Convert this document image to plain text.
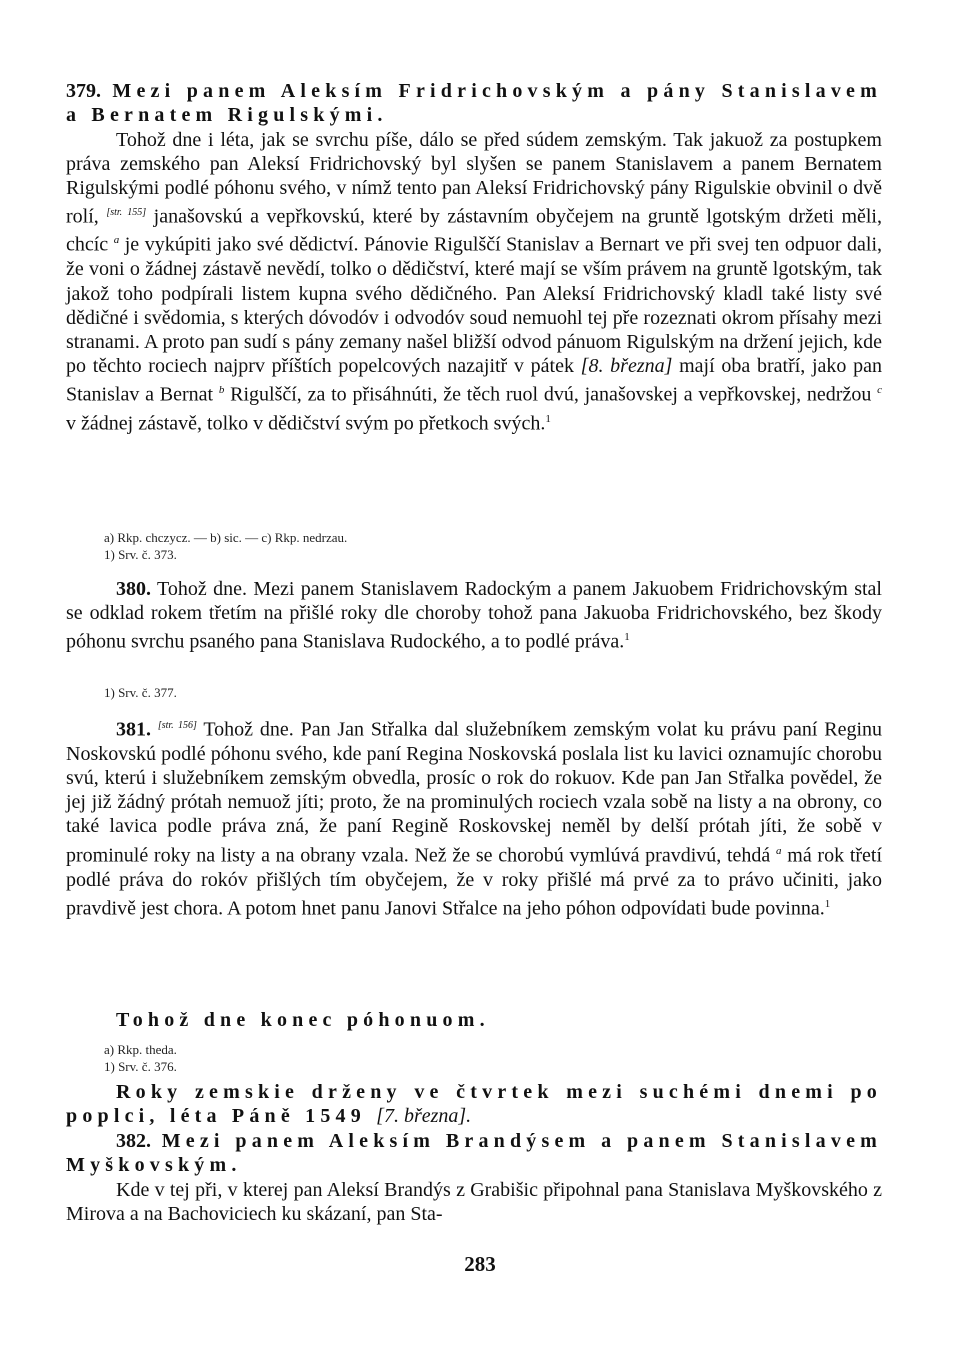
379. Mezi panem Aleksím Fridrichovským a pány Stanislavem a Bernatem Rigulskými.
Tohož dne i léta, jak se svrchu píše, dálo se před súdem zemským. Tak jakuož za postupkem práva zemského pan Aleksí Fridrichovský byl slyšen se panem Stanislavem a panem Bernatem Rigulskými podlé póhonu svého, v nímž tento pan Aleksí Fridrichovský pány Rigulskie obvinil o dvě rolí, [str. 155] janašovskú a vepřkovskú, které by zástavním obyčejem na gruntě lgotským držeti měli, chcíc $^a$ je vykúpiti jako své dědictví. Pánovie Rigulščí Stanislav a Bernart ve při svej ten odpuor dali, že voni o žádnej zástavě nevědí, tolko o dědičství, které mají se vším právem na gruntě lgotským, tak jakož toho podpírali listem kupna svého dědičného. Pan Aleksí Fridrichovský kladl také listy své dědičné i svědomia, s kterých dóvodóv i odvodóv soud nemuohl tej pře rozeznati okrom přísahy mezi stranami. A proto pan sudí s pány zemany našel bližší odvod pánuom Rigulským na držení jejich, kde po těchto rociech najprv příštích popelcových nazajitř v pátek [8. března] mají oba bratří, jako pan Stanislav a Bernat $^b$ Rigulščí, za to přisáhnúti, že těch ruol dvú, janašovskej a vepřkovskej, nedržou $^c$ v žádnej zástavě, tolko v dědičství svým po přetkoch svých.$^1$
a) Rkp. chczycz. — b) sic. — c) Rkp. nedrzau.
1) Srv. č. 373.
380. Tohož dne. Mezi panem Stanislavem Radockým a panem Jakuobem Fridrichovským stal se odklad rokem třetím na přišlé roky dle choroby tohož pana Jakuoba Fridrichovského, bez škody póhonu svrchu psaného pana Stanislava Rudockého, a to podlé práva.$^1$
1) Srv. č. 377.
381. [str. 156] Tohož dne. Pan Jan Střalka dal služebníkem zemským volat ku právu paní Reginu Noskovskú podlé póhonu svého, kde paní Regina Noskovská poslala list ku lavici oznamujíc chorobu svú, kterú i služebníkem zemským obvedla, prosíc o rok do rokuov. Kde pan Jan Střalka povědel, že jej již žádný prótah nemuož jíti; proto, že na prominulých rociech vzala sobě na listy a na obrony, co také lavica podle práva zná, že paní Regině Roskovskej neměl by delší prótah jíti, že sobě v prominulé roky na listy a na obrany vzala. Než že se chorobú vymlúvá pravdivú, tehdá $^a$ má rok třetí podlé práva do rokóv přišlých tím obyčejem, že v roky přišlé má prvé za to právo učiniti, jako pravdivě jest chora. A potom hnet panu Janovi Střalce na jeho póhon odpovídati bude povinna.$^1$
Tohož dne konec póhonuom.
a) Rkp. theda.
1) Srv. č. 376.
Roky zemskie drženy ve čtvrtek mezi suchémi dnemi po poplci, léta Páně 1549 [7. března].
382. Mezi panem Aleksím Brandýsem a panem Stanislavem Myškovským.
Kde v tej při, v kterej pan Aleksí Brandýs z Grabišic připohnal pana Stanislava Myškovského z Mirova a na Bachoviciech ku skázaní, pan Sta-
283
